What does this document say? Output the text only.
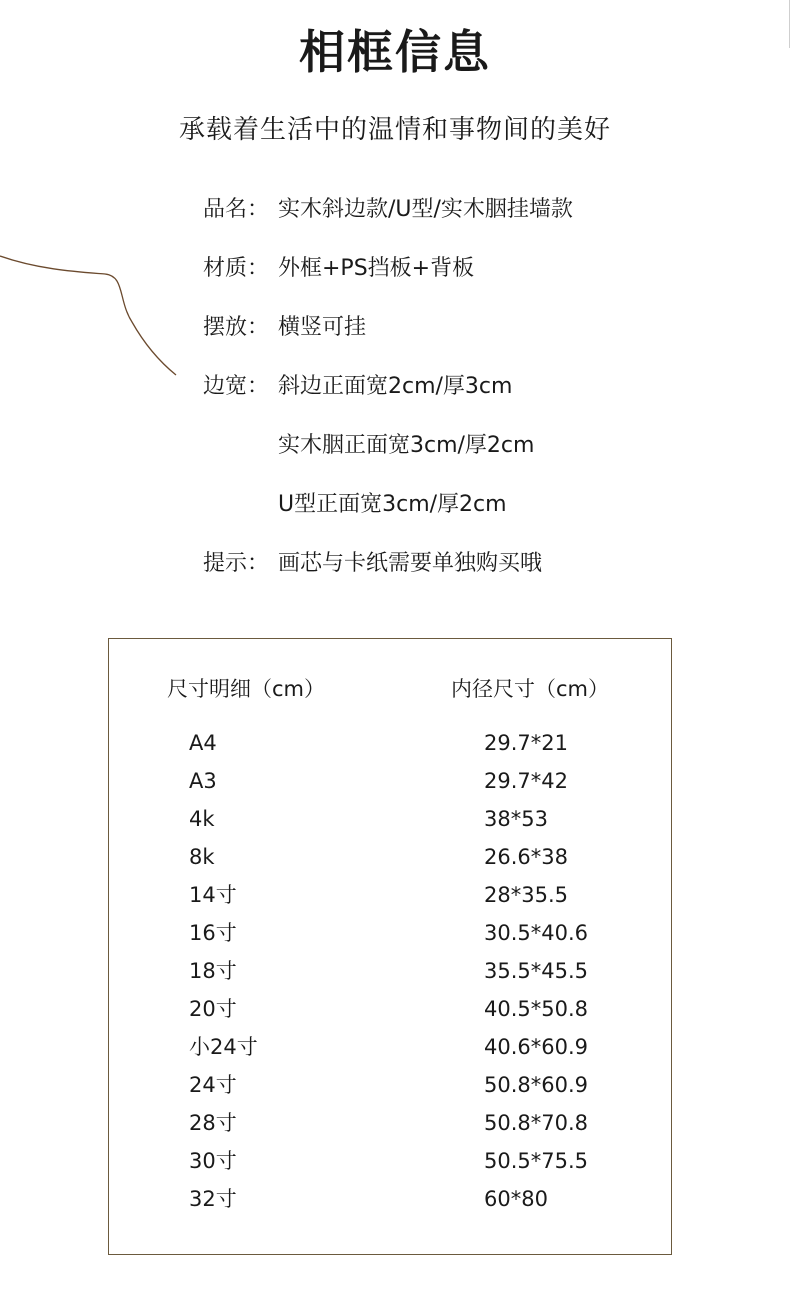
相框信息
承载着生活中的温情和事物间的美好
品名： 实木斜边款/U型/实木胭挂墙款
材质： 外框+PS挡板+背板
摆放： 横竖可挂
边宽： 斜边正面宽2cm/厚3cm
实木胭正面宽3cm/厚2cm
U型正面宽3cm/厚2cm
提示： 画芯与卡纸需要单独购买哦
尺寸明细（cm）	内径尺寸（cm）
A4	29.7*21
A3	29.7*42
4k	38*53
8k	26.6*38
14寸	28*35.5
16寸	30.5*40.6
18寸	35.5*45.5
20寸	40.5*50.8
小24寸	40.6*60.9
24寸	50.8*60.9
28寸	50.8*70.8
30寸	50.5*75.5
32寸	60*80
